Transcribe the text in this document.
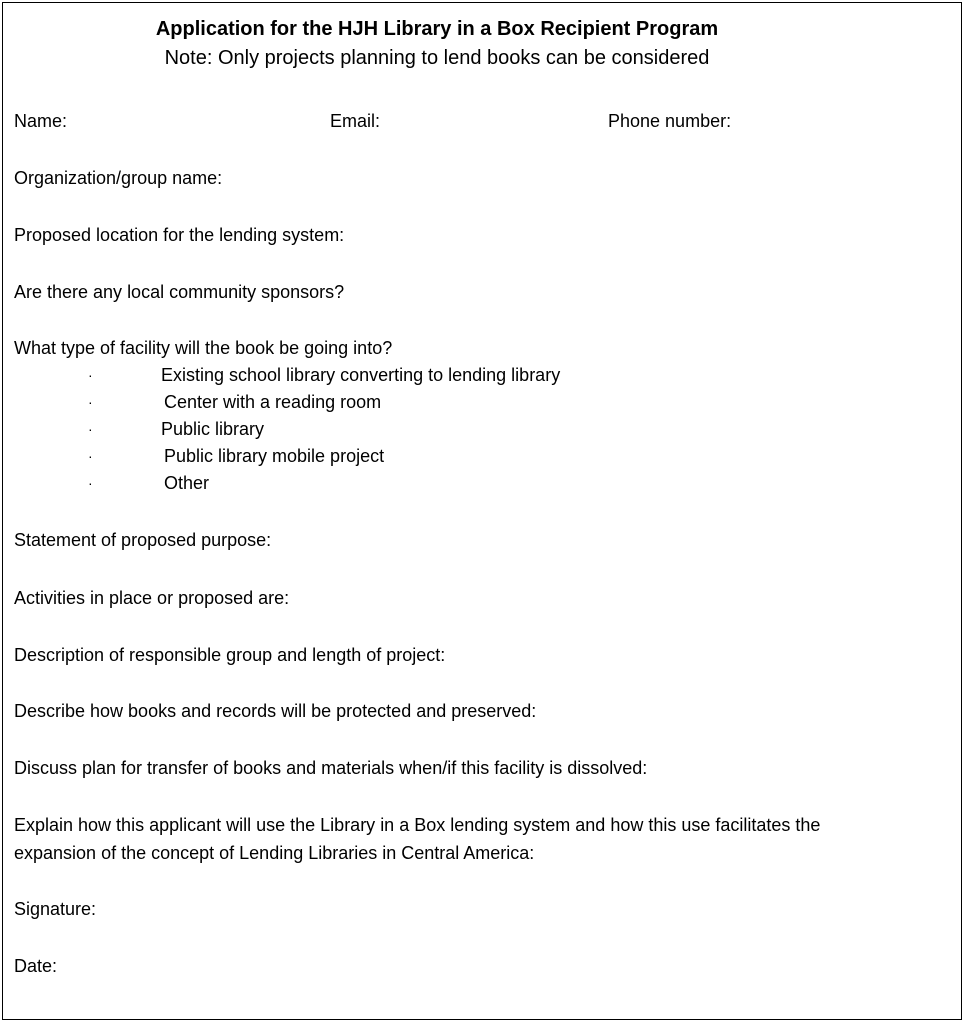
Application for the HJH Library in a Box Recipient Program
Note: Only projects planning to lend books can be considered
Name:	Email:	Phone number:
Organization/group name:
Proposed location for the lending system:
Are there any local community sponsors?
What type of facility will the book be going into?
·	Existing school library converting to lending library
·	Center with a reading room
·	Public library
·	Public library mobile project
·	Other
Statement of proposed purpose:
Activities in place or proposed are:
Description of responsible group and length of project:
Describe how books and records will be protected and preserved:
Discuss plan for transfer of books and materials when/if this facility is dissolved:
Explain how this applicant will use the Library in a Box lending system and how this use facilitates the
expansion of the concept of Lending Libraries in Central America:
Signature:
Date:
